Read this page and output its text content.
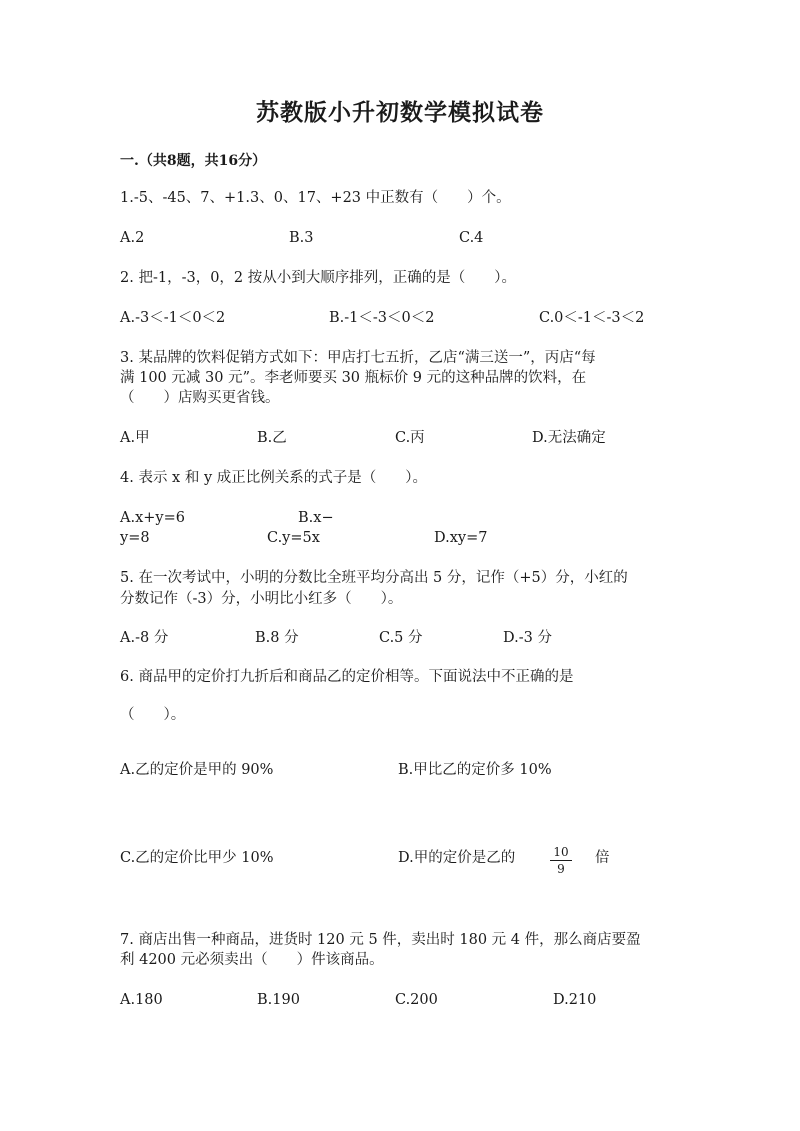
苏教版小升初数学模拟试卷
一.（共8题，共16分）
1.-5、-45、7、+1.3、0、17、+23 中正数有（　　）个。
A.2	B.3	C.4
2. 把-1，-3，0，2 按从小到大顺序排列，正确的是（　　）。
A.-3＜-1＜0＜2	B.-1＜-3＜0＜2	C.0＜-1＜-3＜2
3. 某品牌的饮料促销方式如下：甲店打七五折，乙店“满三送一”，丙店“每
满 100 元减 30 元”。李老师要买 30 瓶标价 9 元的这种品牌的饮料，在
（　　）店购买更省钱。
A.甲	B.乙	C.丙	D.无法确定
4. 表示 x 和 y 成正比例关系的式子是（　　）。
A.x+y=6	B.x−
y=8	C.y=5x	D.xy=7
5. 在一次考试中，小明的分数比全班平均分高出 5 分，记作（+5）分，小红的
分数记作（-3）分，小明比小红多（　　）。
A.-8 分	B.8 分	C.5 分	D.-3 分
6. 商品甲的定价打九折后和商品乙的定价相等。下面说法中不正确的是
（　　）。
A.乙的定价是甲的 90%	B.甲比乙的定价多 10%
C.乙的定价比甲少 10%	D.甲的定价是乙的	10
9
倍
7. 商店出售一种商品，进货时 120 元 5 件，卖出时 180 元 4 件，那么商店要盈
利 4200 元必须卖出（　　）件该商品。
A.180	B.190	C.200	D.210
